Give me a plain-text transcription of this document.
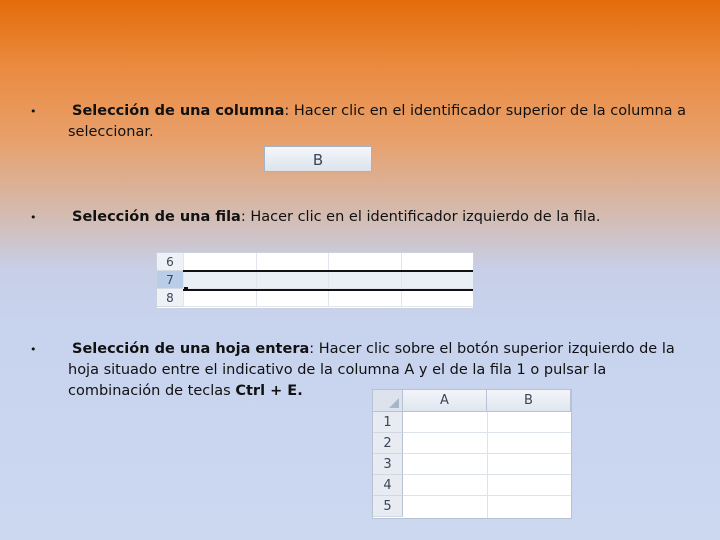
• Selección de una columna: Hacer clic en el identificador superior de la columna a
seleccionar.
B
• Selección de una fila: Hacer clic en el identificador izquierdo de la fila.
6
7
8
• Selección de una hoja entera: Hacer clic sobre el botón superior izquierdo de la
hoja situado entre el indicativo de la columna A y el de la fila 1 o pulsar la
combinación de teclas Ctrl + E.
A	B
1
2
3
4
5
